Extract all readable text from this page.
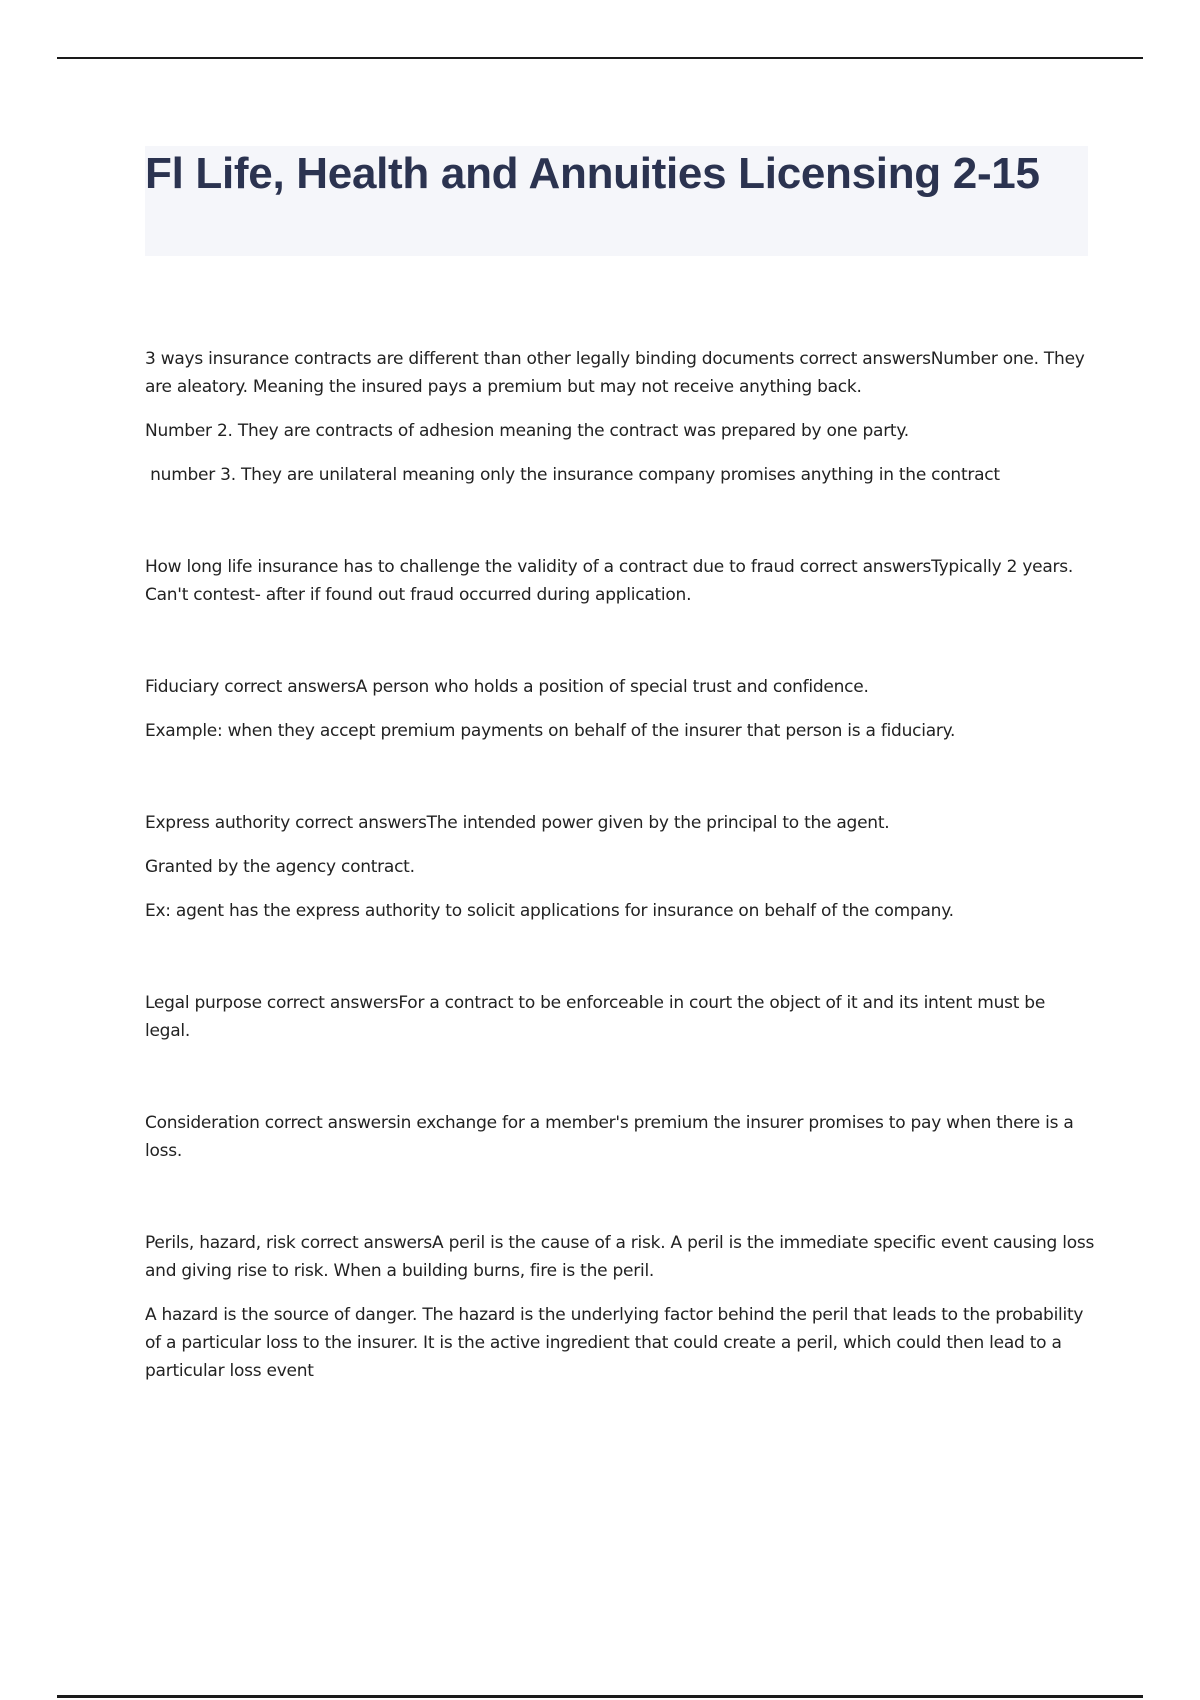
Fl Life, Health and Annuities Licensing 2-15

3 ways insurance contracts are different than other legally binding documents correct answersNumber one. They are aleatory. Meaning the insured pays a premium but may not receive anything back.

Number 2. They are contracts of adhesion meaning the contract was prepared by one party.

number 3. They are unilateral meaning only the insurance company promises anything in the contract

How long life insurance has to challenge the validity of a contract due to fraud correct answersTypically 2 years. Can't contest- after if found out fraud occurred during application.

Fiduciary correct answersA person who holds a position of special trust and confidence.

Example: when they accept premium payments on behalf of the insurer that person is a fiduciary.

Express authority correct answersThe intended power given by the principal to the agent.

Granted by the agency contract.

Ex: agent has the express authority to solicit applications for insurance on behalf of the company.

Legal purpose correct answersFor a contract to be enforceable in court the object of it and its intent must be legal.

Consideration correct answersin exchange for a member's premium the insurer promises to pay when there is a loss.

Perils, hazard, risk correct answersA peril is the cause of a risk. A peril is the immediate specific event causing loss and giving rise to risk. When a building burns, fire is the peril.

A hazard is the source of danger. The hazard is the underlying factor behind the peril that leads to the probability of a particular loss to the insurer. It is the active ingredient that could create a peril, which could then lead to a particular loss event
